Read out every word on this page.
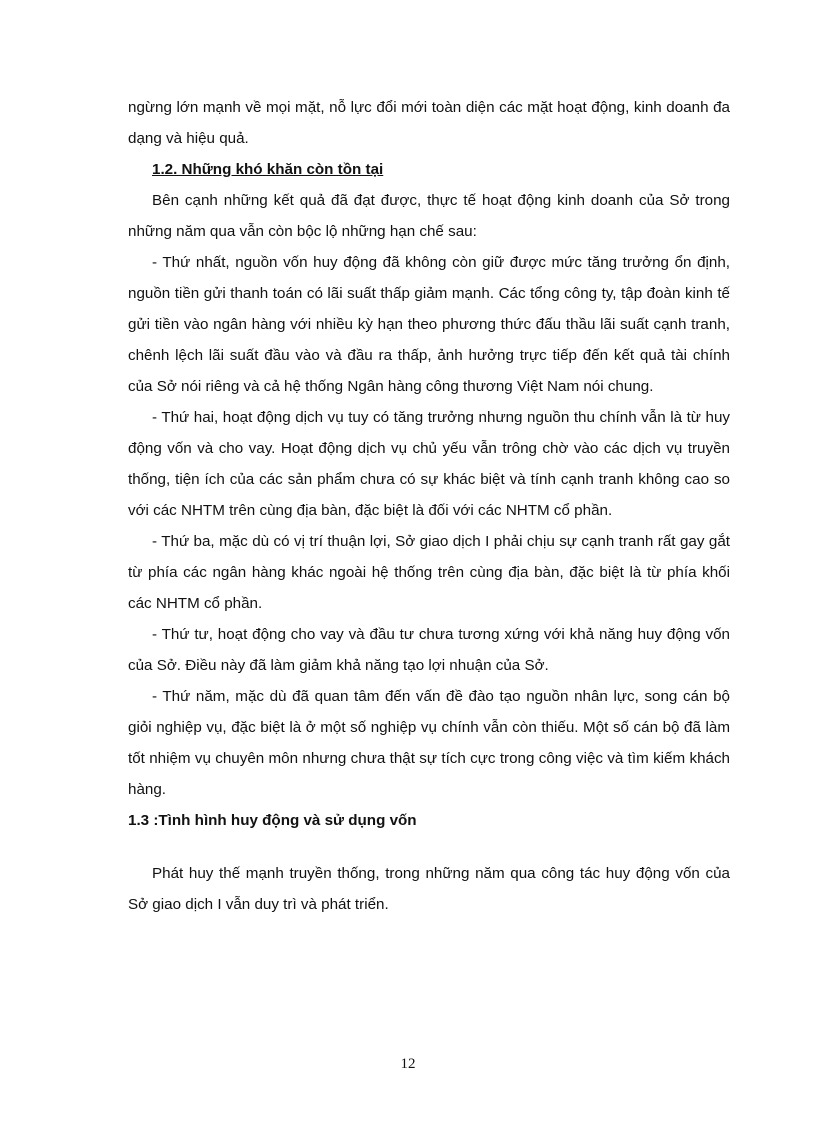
ngừng lớn mạnh về mọi mặt, nỗ lực đổi mới toàn diện các mặt hoạt động, kinh doanh đa dạng và hiệu quả.

1.2. Những khó khăn còn tồn tại

Bên cạnh những kết quả đã đạt được, thực tế hoạt động kinh doanh của Sở trong những năm qua vẫn còn bộc lộ những hạn chế sau:

- Thứ nhất, nguồn vốn huy động đã không còn giữ được mức tăng trưởng ổn định, nguồn tiền gửi thanh toán có lãi suất thấp giảm mạnh. Các tổng công ty, tập đoàn kinh tế gửi tiền vào ngân hàng với nhiều kỳ hạn theo phương thức đấu thầu lãi suất cạnh tranh, chênh lệch lãi suất đầu vào và đầu ra thấp, ảnh hưởng trực tiếp đến kết quả tài chính của Sở nói riêng và cả hệ thống Ngân hàng công thương Việt Nam nói chung.

- Thứ hai, hoạt động dịch vụ tuy có tăng trưởng nhưng nguồn thu chính vẫn là từ huy động vốn và cho vay. Hoạt động dịch vụ chủ yếu vẫn trông chờ vào các dịch vụ truyền thống, tiện ích của các sản phẩm chưa có sự khác biệt và tính cạnh tranh không cao so với các NHTM trên cùng địa bàn, đặc biệt là đối với các NHTM cổ phần.

- Thứ ba, mặc dù có vị trí thuận lợi, Sở giao dịch I phải chịu sự cạnh tranh rất gay gắt từ phía các ngân hàng khác ngoài hệ thống trên cùng địa bàn, đặc biệt là từ phía khối các NHTM cổ phần.

- Thứ tư, hoạt động cho vay và đầu tư chưa tương xứng với khả năng huy động vốn của Sở. Điều này đã làm giảm khả năng tạo lợi nhuận của Sở.

- Thứ năm, mặc dù đã quan tâm đến vấn đề đào tạo nguồn nhân lực, song cán bộ giỏi nghiệp vụ, đặc biệt là ở một số nghiệp vụ chính vẫn còn thiếu. Một số cán bộ đã làm tốt nhiệm vụ chuyên môn nhưng chưa thật sự tích cực trong công việc và tìm kiếm khách hàng.

1.3 :Tình hình huy động và sử dụng vốn

Phát huy thế mạnh truyền thống, trong những năm qua công tác huy động vốn của Sở giao dịch I vẫn duy trì và phát triển.

12
